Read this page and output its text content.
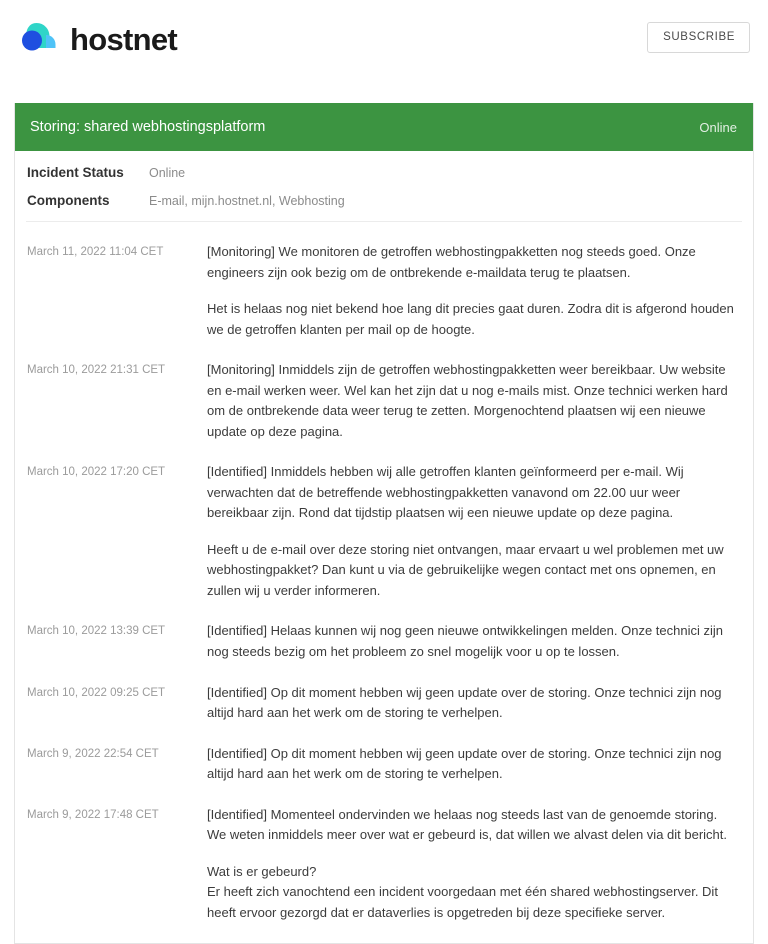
hostnet	SUBSCRIBE
Storing: shared webhostingsplatform	Online
Incident Status	Online
Components	E-mail, mijn.hostnet.nl, Webhosting
March 11, 2022 11:04 CET	[Monitoring] We monitoren de getroffen webhostingpakketten nog steeds goed. Onze engineers zijn ook bezig om de ontbrekende e-maildata terug te plaatsen.

Het is helaas nog niet bekend hoe lang dit precies gaat duren. Zodra dit is afgerond houden we de getroffen klanten per mail op de hoogte.

March 10, 2022 21:31 CET	[Monitoring] Inmiddels zijn de getroffen webhostingpakketten weer bereikbaar. Uw website en e-mail werken weer. Wel kan het zijn dat u nog e-mails mist. Onze technici werken hard om de ontbrekende data weer terug te zetten. Morgenochtend plaatsen wij een nieuwe update op deze pagina.

March 10, 2022 17:20 CET	[Identified] Inmiddels hebben wij alle getroffen klanten geïnformeerd per e-mail. Wij verwachten dat de betreffende webhostingpakketten vanavond om 22.00 uur weer bereikbaar zijn. Rond dat tijdstip plaatsen wij een nieuwe update op deze pagina.

Heeft u de e-mail over deze storing niet ontvangen, maar ervaart u wel problemen met uw webhostingpakket? Dan kunt u via de gebruikelijke wegen contact met ons opnemen, en zullen wij u verder informeren.

March 10, 2022 13:39 CET	[Identified] Helaas kunnen wij nog geen nieuwe ontwikkelingen melden. Onze technici zijn nog steeds bezig om het probleem zo snel mogelijk voor u op te lossen.

March 10, 2022 09:25 CET	[Identified] Op dit moment hebben wij geen update over de storing. Onze technici zijn nog altijd hard aan het werk om de storing te verhelpen.

March 9, 2022 22:54 CET	[Identified] Op dit moment hebben wij geen update over de storing. Onze technici zijn nog altijd hard aan het werk om de storing te verhelpen.

March 9, 2022 17:48 CET	[Identified] Momenteel ondervinden we helaas nog steeds last van de genoemde storing. We weten inmiddels meer over wat er gebeurd is, dat willen we alvast delen via dit bericht.

Wat is er gebeurd?

Er heeft zich vanochtend een incident voorgedaan met één shared webhostingserver. Dit heeft ervoor gezorgd dat er dataverlies is opgetreden bij deze specifieke server.
